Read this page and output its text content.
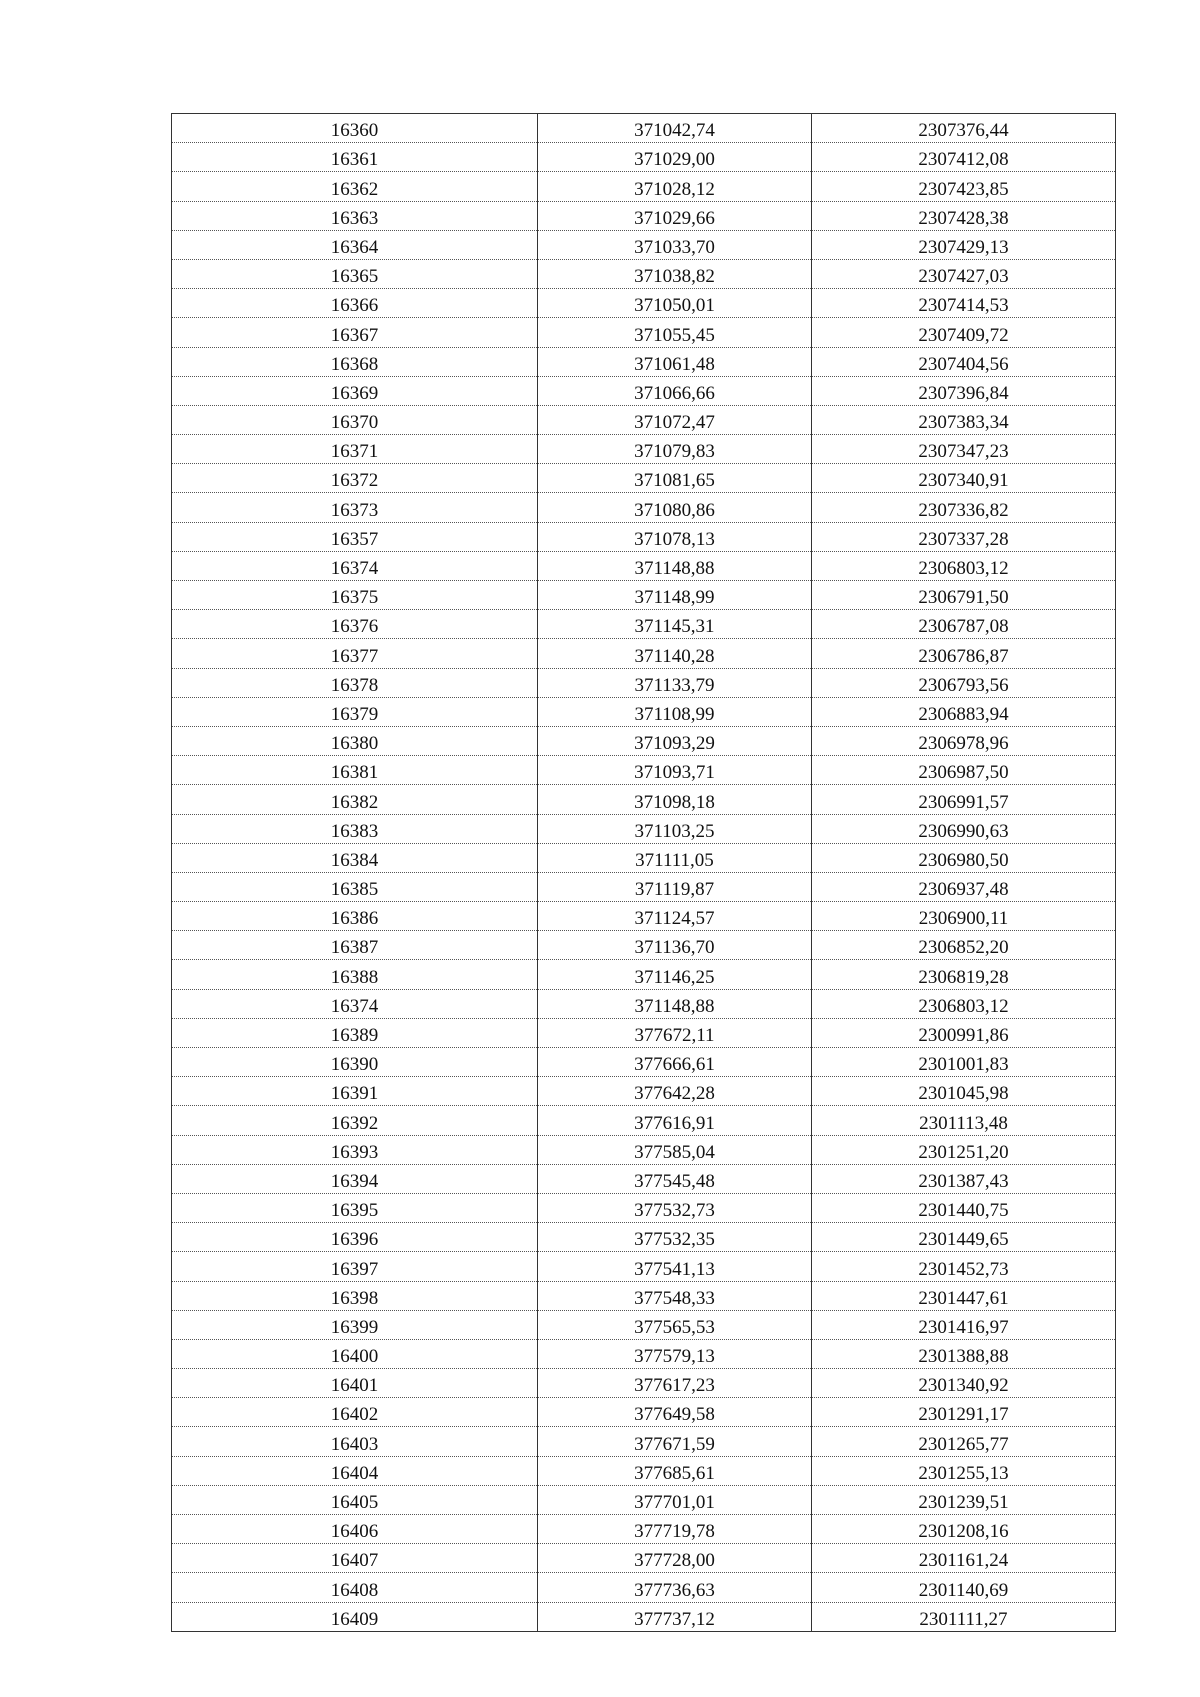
16360	371042,74	2307376,44
16361	371029,00	2307412,08
16362	371028,12	2307423,85
16363	371029,66	2307428,38
16364	371033,70	2307429,13
16365	371038,82	2307427,03
16366	371050,01	2307414,53
16367	371055,45	2307409,72
16368	371061,48	2307404,56
16369	371066,66	2307396,84
16370	371072,47	2307383,34
16371	371079,83	2307347,23
16372	371081,65	2307340,91
16373	371080,86	2307336,82
16357	371078,13	2307337,28
16374	371148,88	2306803,12
16375	371148,99	2306791,50
16376	371145,31	2306787,08
16377	371140,28	2306786,87
16378	371133,79	2306793,56
16379	371108,99	2306883,94
16380	371093,29	2306978,96
16381	371093,71	2306987,50
16382	371098,18	2306991,57
16383	371103,25	2306990,63
16384	371111,05	2306980,50
16385	371119,87	2306937,48
16386	371124,57	2306900,11
16387	371136,70	2306852,20
16388	371146,25	2306819,28
16374	371148,88	2306803,12
16389	377672,11	2300991,86
16390	377666,61	2301001,83
16391	377642,28	2301045,98
16392	377616,91	2301113,48
16393	377585,04	2301251,20
16394	377545,48	2301387,43
16395	377532,73	2301440,75
16396	377532,35	2301449,65
16397	377541,13	2301452,73
16398	377548,33	2301447,61
16399	377565,53	2301416,97
16400	377579,13	2301388,88
16401	377617,23	2301340,92
16402	377649,58	2301291,17
16403	377671,59	2301265,77
16404	377685,61	2301255,13
16405	377701,01	2301239,51
16406	377719,78	2301208,16
16407	377728,00	2301161,24
16408	377736,63	2301140,69
16409	377737,12	2301111,27
